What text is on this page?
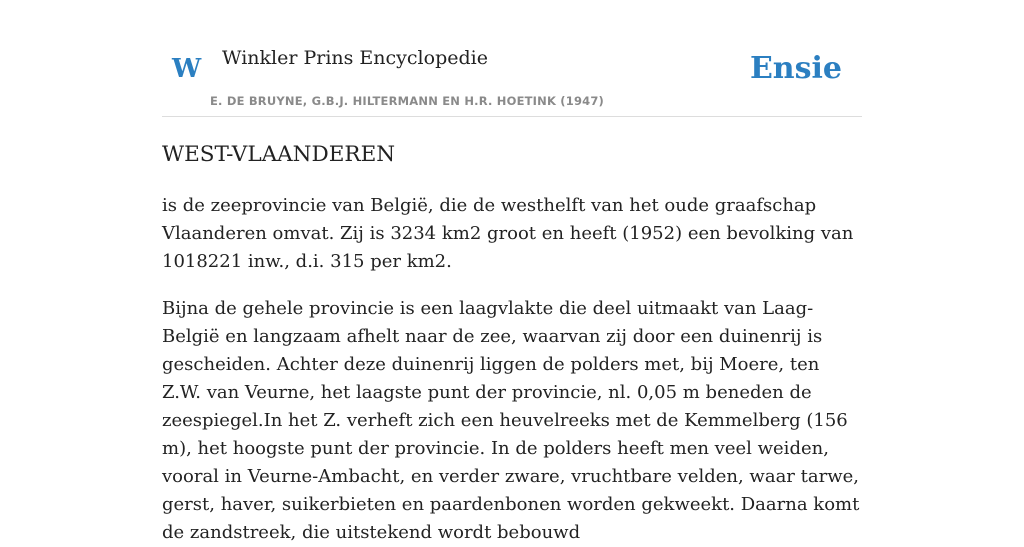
W Winkler Prins Encyclopedie
E. DE BRUYNE, G.B.J. HILTERMANN EN H.R. HOETINK (1947)
Ensie
WEST-VLAANDEREN

is de zeeprovincie van België, die de westhelft van het oude graafschap Vlaanderen omvat. Zij is 3234 km2 groot en heeft (1952) een bevolking van 1018221 inw., d.i. 315 per km2.

Bijna de gehele provincie is een laagvlakte die deel uitmaakt van Laag-België en langzaam afhelt naar de zee, waarvan zij door een duinenrij is gescheiden. Achter deze duinenrij liggen de polders met, bij Moere, ten Z.W. van Veurne, het laagste punt der provincie, nl. 0,05 m beneden de zeespiegel.In het Z. verheft zich een heuvelreeks met de Kemmelberg (156 m), het hoogste punt der provincie. In de polders heeft men veel weiden, vooral in Veurne-Ambacht, en verder zware, vruchtbare velden, waar tarwe, gerst, haver, suikerbieten en paardenbonen worden gekweekt. Daarna komt de zandstreek, die uitstekend wordt bebouwd
